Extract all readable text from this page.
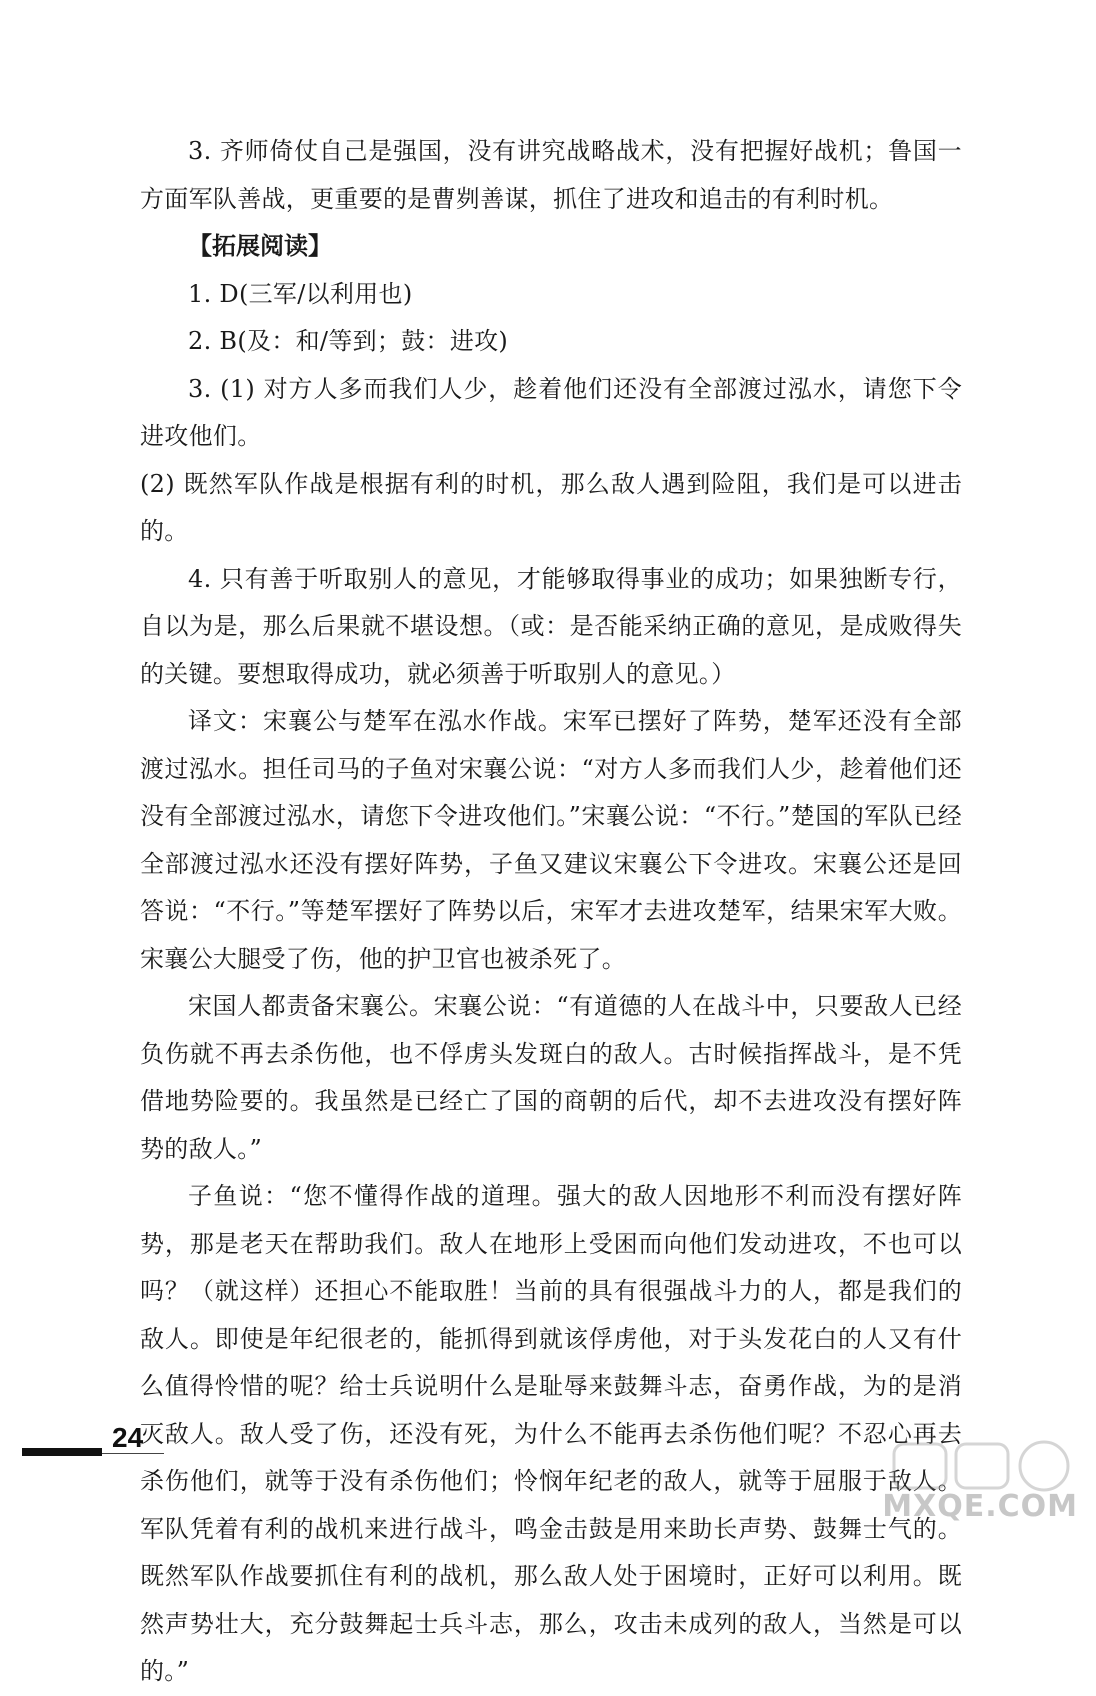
3. 齐师倚仗自己是强国，没有讲究战略战术，没有把握好战机；鲁国一方面军队善战，更重要的是曹刿善谋，抓住了进攻和追击的有利时机。

【拓展阅读】

1. D(三军/以利用也)

2. B(及：和/等到；鼓：进攻)

3. (1) 对方人多而我们人少，趁着他们还没有全部渡过泓水，请您下令进攻他们。

(2) 既然军队作战是根据有利的时机，那么敌人遇到险阻，我们是可以进击的。

4. 只有善于听取别人的意见，才能够取得事业的成功；如果独断专行，自以为是，那么后果就不堪设想。（或：是否能采纳正确的意见，是成败得失的关键。要想取得成功，就必须善于听取别人的意见。）

译文：宋襄公与楚军在泓水作战。宋军已摆好了阵势，楚军还没有全部渡过泓水。担任司马的子鱼对宋襄公说：“对方人多而我们人少，趁着他们还没有全部渡过泓水，请您下令进攻他们。”宋襄公说：“不行。”楚国的军队已经全部渡过泓水还没有摆好阵势，子鱼又建议宋襄公下令进攻。宋襄公还是回答说：“不行。”等楚军摆好了阵势以后，宋军才去进攻楚军，结果宋军大败。宋襄公大腿受了伤，他的护卫官也被杀死了。

宋国人都责备宋襄公。宋襄公说：“有道德的人在战斗中，只要敌人已经负伤就不再去杀伤他，也不俘虏头发斑白的敌人。古时候指挥战斗，是不凭借地势险要的。我虽然是已经亡了国的商朝的后代，却不去进攻没有摆好阵势的敌人。”

子鱼说：“您不懂得作战的道理。强大的敌人因地形不利而没有摆好阵势，那是老天在帮助我们。敌人在地形上受困而向他们发动进攻，不也可以吗？（就这样）还担心不能取胜！当前的具有很强战斗力的人，都是我们的敌人。即使是年纪很老的，能抓得到就该俘虏他，对于头发花白的人又有什么值得怜惜的呢？给士兵说明什么是耻辱来鼓舞斗志，奋勇作战，为的是消灭敌人。敌人受了伤，还没有死，为什么不能再去杀伤他们呢？不忍心再去杀伤他们，就等于没有杀伤他们；怜悯年纪老的敌人，就等于屈服于敌人。军队凭着有利的战机来进行战斗，鸣金击鼓是用来助长声势、鼓舞士气的。既然军队作战要抓住有利的战机，那么敌人处于困境时，正好可以利用。既然声势壮大，充分鼓舞起士兵斗志，那么，攻击未成列的敌人，当然是可以的。”

24
MXQE.COM
